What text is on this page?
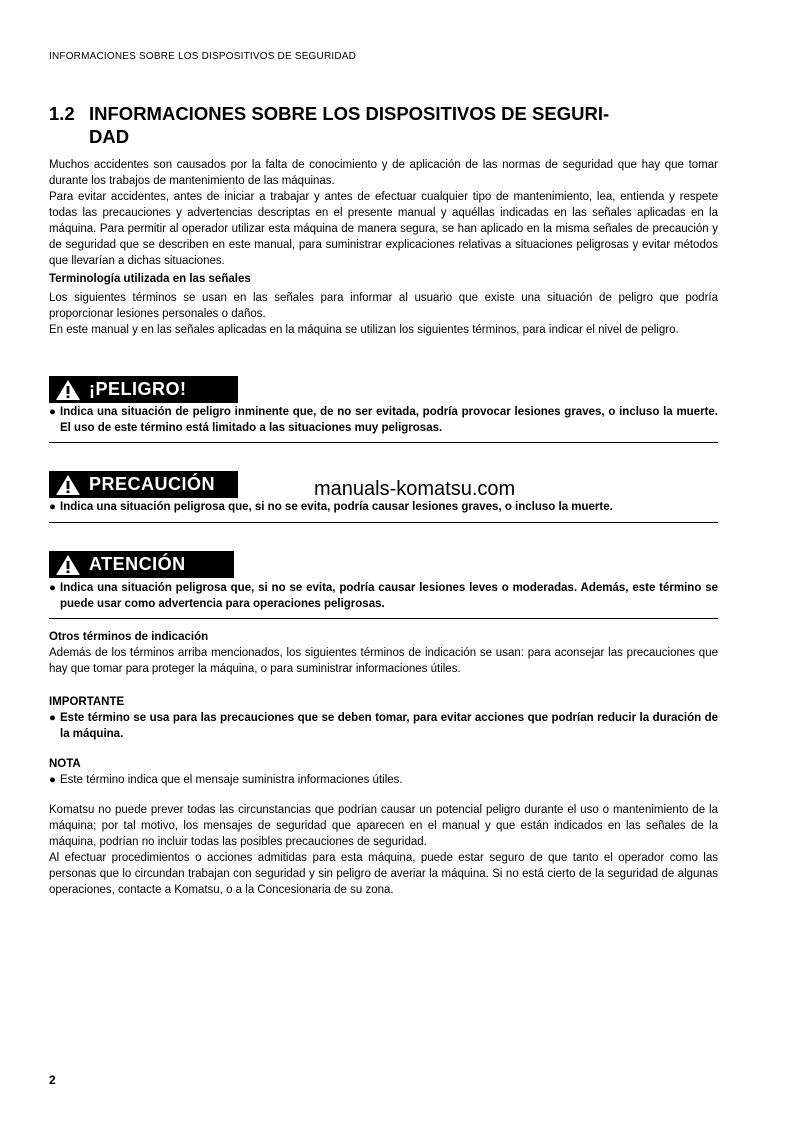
INFORMACIONES SOBRE LOS DISPOSITIVOS DE SEGURIDAD
1.2 INFORMACIONES SOBRE LOS DISPOSITIVOS DE SEGURI-
DAD

Muchos accidentes son causados por la falta de conocimiento y de aplicación de las normas de seguridad que hay que tomar durante los trabajos de mantenimiento de las máquinas.

Para evitar accidentes, antes de iniciar a trabajar y antes de efectuar cualquier tipo de mantenimiento, lea, entienda y respete todas las precauciones y advertencias descriptas en el presente manual y aquéllas indicadas en las señales aplicadas en la máquina. Para permitir al operador utilizar esta máquina de manera segura, se han aplicado en la misma señales de precaución y de seguridad que se describen en este manual, para suministrar explicaciones relativas a situaciones peligrosas y evitar métodos que llevarían a dichas situaciones.

Terminología utilizada en las señales

Los siguientes términos se usan en las señales para informar al usuario que existe una situación de peligro que podría proporcionar lesiones personales o daños.

En este manual y en las señales aplicadas en la máquina se utilizan los siguientes términos, para indicar el nivel de peligro.

¡PELIGRO!
● Indica una situación de peligro inminente que, de no ser evitada, podría provocar lesiones graves, o incluso la muerte. El uso de este término está limitado a las situaciones muy peligrosas.
PRECAUCIÓN	manuals-komatsu.com
● Indica una situación peligrosa que, si no se evita, podría causar lesiones graves, o incluso la muerte.
ATENCIÓN
● Indica una situación peligrosa que, si no se evita, podría causar lesiones leves o moderadas. Además, este término se puede usar como advertencia para operaciones peligrosas.

Otros términos de indicación

Además de los términos arriba mencionados, los siguientes términos de indicación se usan: para aconsejar las precauciones que hay que tomar para proteger la máquina, o para suministrar informaciones útiles.

IMPORTANTE

● Este término se usa para las precauciones que se deben tomar, para evitar acciones que podrían reducir la duración de la máquina.

NOTA

● Este término indica que el mensaje suministra informaciones útiles.

Komatsu no puede prever todas las circunstancias que podrían causar un potencial peligro durante el uso o mantenimiento de la máquina; por tal motivo, los mensajes de seguridad que aparecen en el manual y que están indicados en las señales de la máquina, podrían no incluir todas las posibles precauciones de seguridad.

Al efectuar procedimientos o acciones admitidas para esta máquina, puede estar seguro de que tanto el operador como las personas que lo circundan trabajan con seguridad y sin peligro de averiar la máquina. Si no está cierto de la seguridad de algunas operaciones, contacte a Komatsu, o a la Concesionaria de su zona.

2
